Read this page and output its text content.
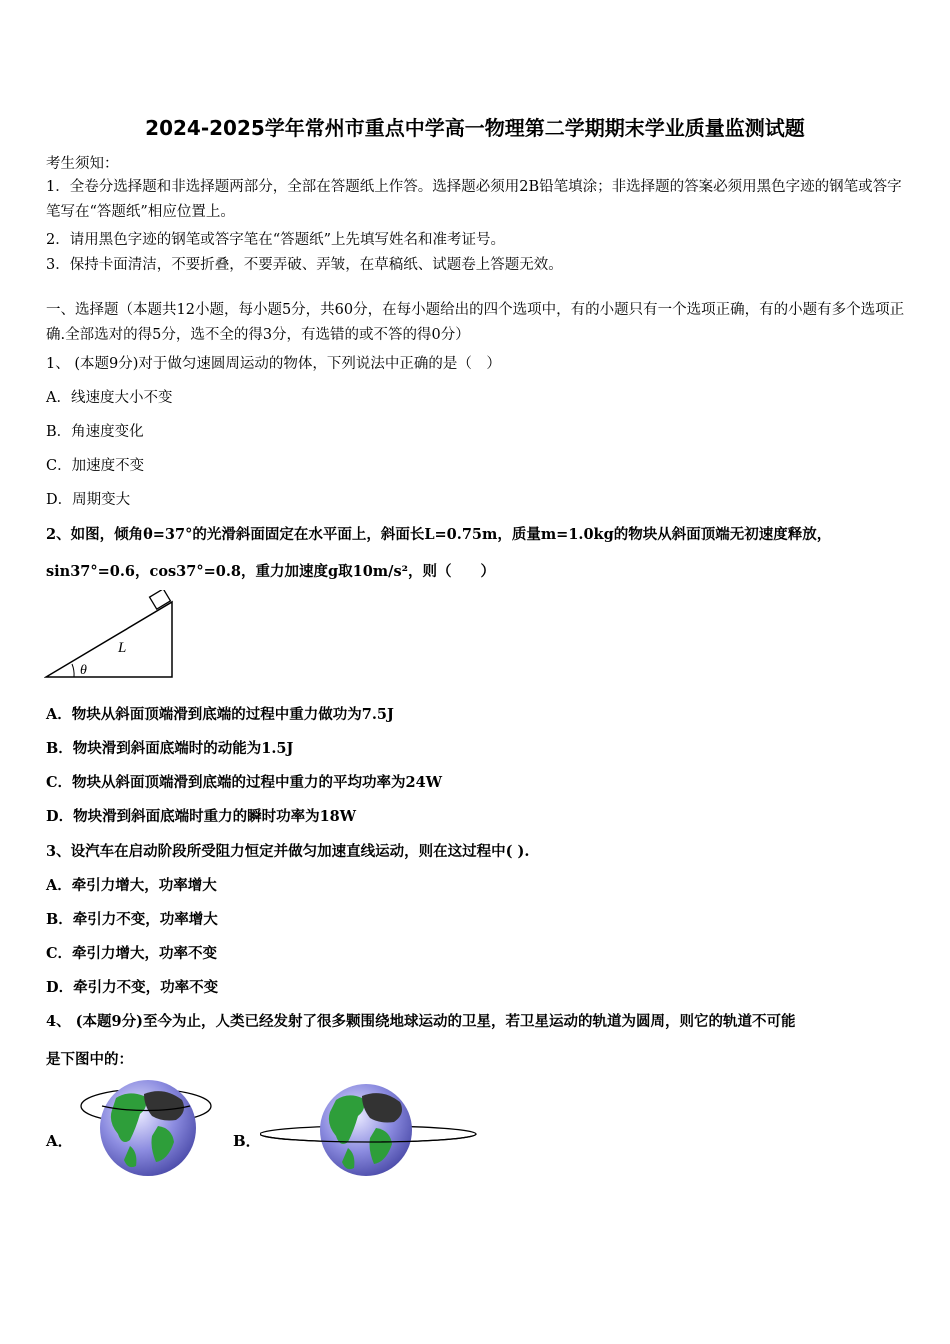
2024-2025学年常州市重点中学高一物理第二学期期末学业质量监测试题
考生须知：
1．全卷分选择题和非选择题两部分，全部在答题纸上作答。选择题必须用2B铅笔填涂；非选择题的答案必须用黑色字迹的钢笔或答字笔写在“答题纸”相应位置上。
2．请用黑色字迹的钢笔或答字笔在“答题纸”上先填写姓名和准考证号。
3．保持卡面清洁，不要折叠，不要弄破、弄皱，在草稿纸、试题卷上答题无效。
一、选择题（本题共12小题，每小题5分，共60分，在每小题给出的四个选项中，有的小题只有一个选项正确，有的小题有多个选项正确.全部选对的得5分，选不全的得3分，有选错的或不答的得0分）
1、 (本题9分)对于做匀速圆周运动的物体，下列说法中正确的是（　）
A．线速度大小不变
B．角速度变化
C．加速度不变
D．周期变大
2、如图，倾角θ=37°的光滑斜面固定在水平面上，斜面长L=0.75m，质量m=1.0kg的物块从斜面顶端无初速度释放，
sin37°=0.6，cos37°=0.8，重力加速度g取10m/s²，则（　　）
L
θ
A．物块从斜面顶端滑到底端的过程中重力做功为7.5J
B．物块滑到斜面底端时的动能为1.5J
C．物块从斜面顶端滑到底端的过程中重力的平均功率为24W
D．物块滑到斜面底端时重力的瞬时功率为18W
3、设汽车在启动阶段所受阻力恒定并做匀加速直线运动，则在这过程中( ).
A．牵引力增大，功率增大
B．牵引力不变，功率增大
C．牵引力增大，功率不变
D．牵引力不变，功率不变
4、 (本题9分)至今为止，人类已经发射了很多颗围绕地球运动的卫星，若卫星运动的轨道为圆周，则它的轨道不可能
是下图中的：
A．	B．
